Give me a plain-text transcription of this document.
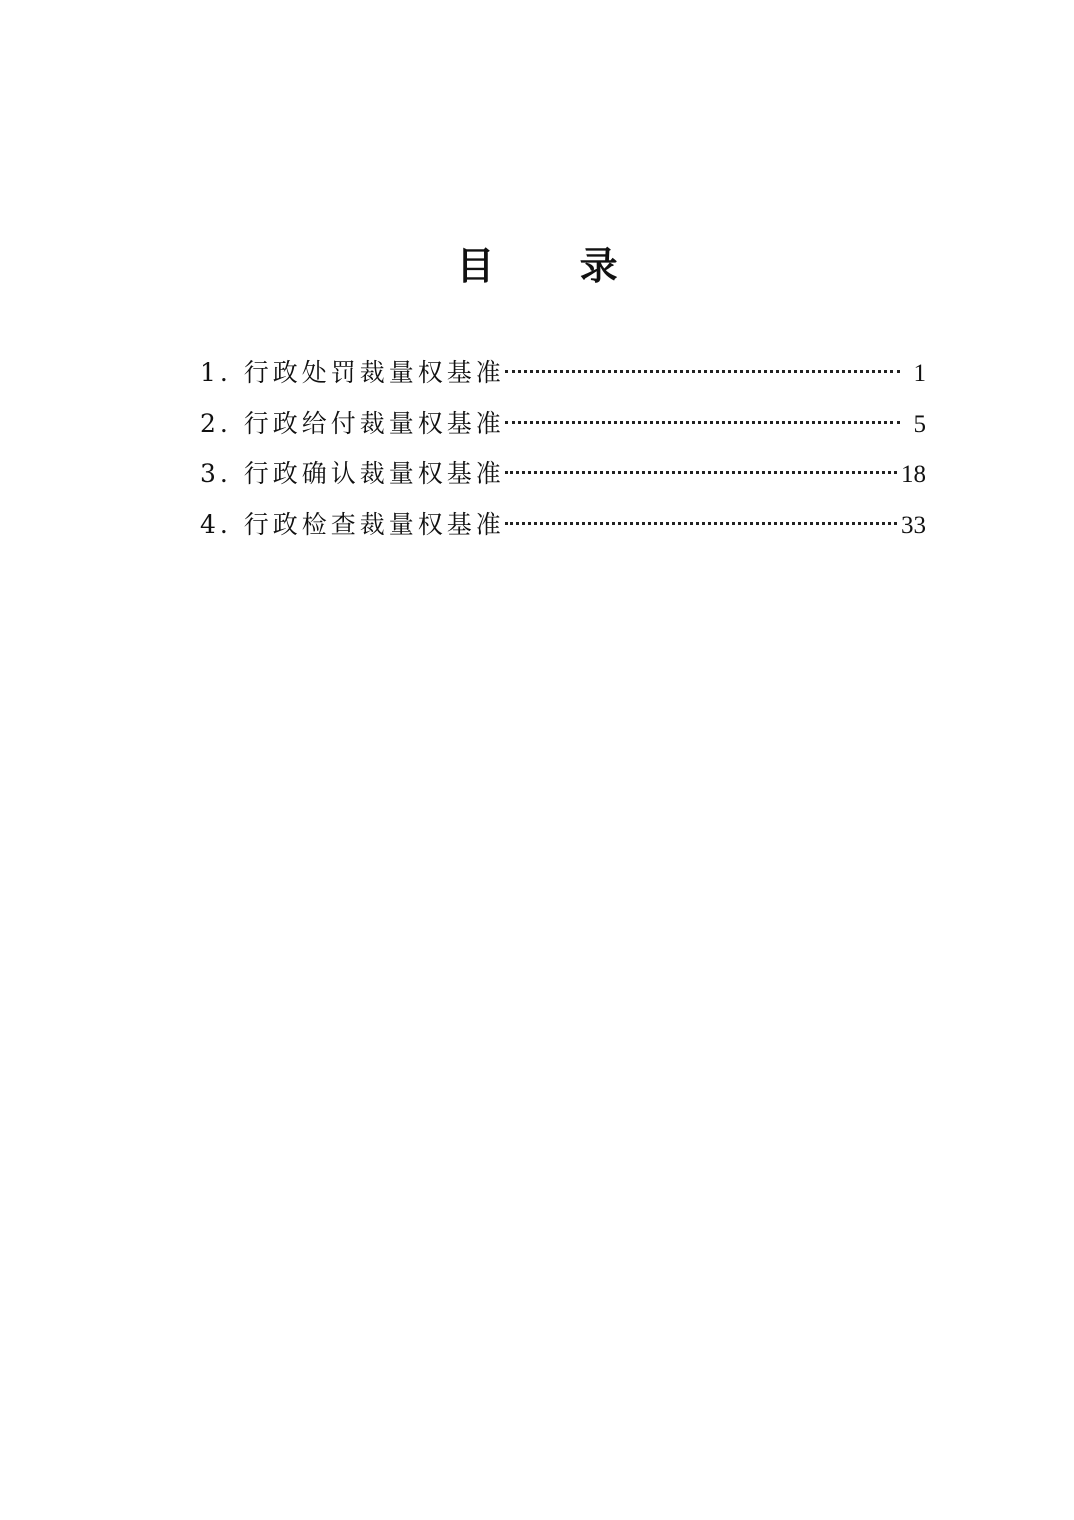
目 录
1. 行政处罚裁量权基准	1
2. 行政给付裁量权基准	5
3. 行政确认裁量权基准	18
4. 行政检查裁量权基准	33
